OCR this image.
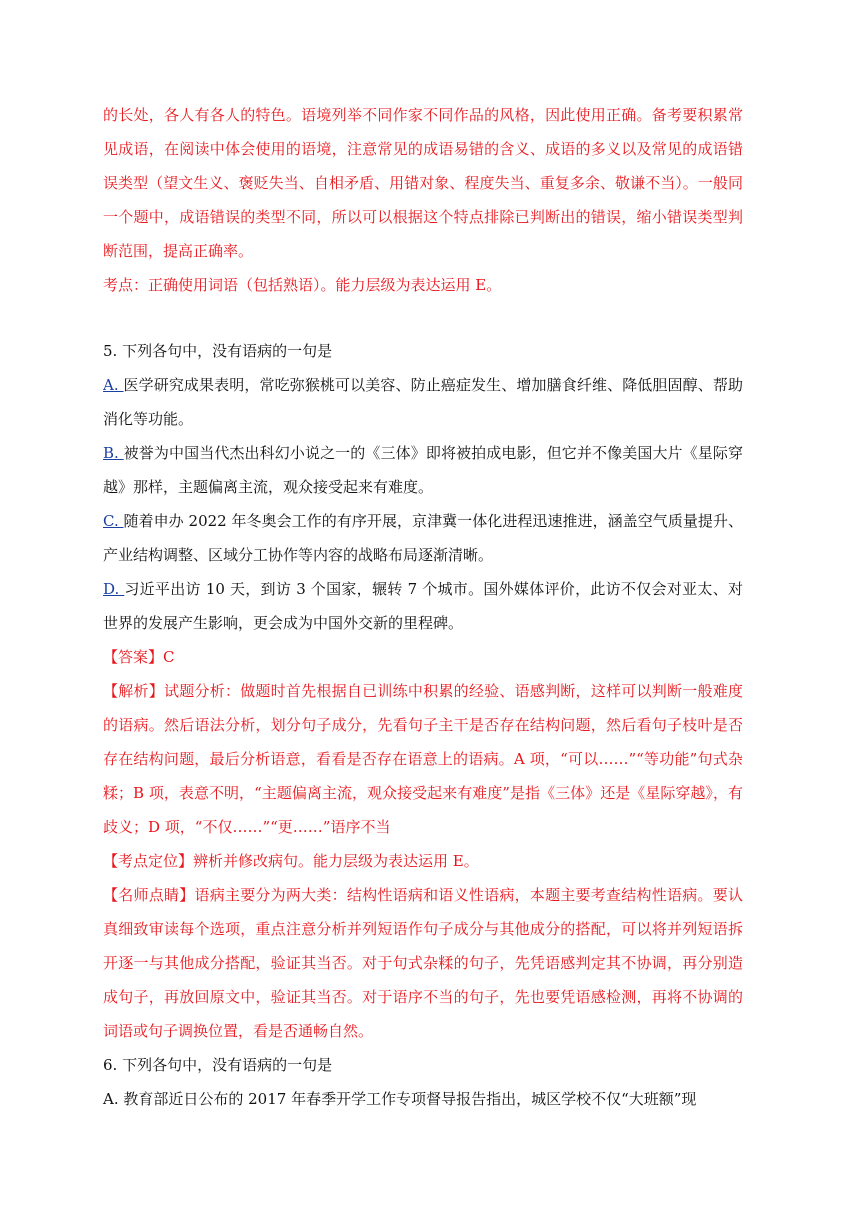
的长处，各人有各人的特色。语境列举不同作家不同作品的风格，因此使用正确。备考要积累常见成语，在阅读中体会使用的语境，注意常见的成语易错的含义、成语的多义以及常见的成语错误类型（望文生义、褒贬失当、自相矛盾、用错对象、程度失当、重复多余、敬谦不当）。一般同一个题中，成语错误的类型不同，所以可以根据这个特点排除已判断出的错误，缩小错误类型判断范围，提高正确率。

考点：正确使用词语（包括熟语）。能力层级为表达运用 E。

5. 下列各句中，没有语病的一句是

A. 医学研究成果表明，常吃弥猴桃可以美容、防止癌症发生、增加膳食纤维、降低胆固醇、帮助消化等功能。

B. 被誉为中国当代杰出科幻小说之一的《三体》即将被拍成电影，但它并不像美国大片《星际穿越》那样，主题偏离主流，观众接受起来有难度。

C. 随着申办 2022 年冬奥会工作的有序开展，京津冀一体化进程迅速推进，涵盖空气质量提升、产业结构调整、区域分工协作等内容的战略布局逐渐清晰。

D. 习近平出访 10 天，到访 3 个国家，辗转 7 个城市。国外媒体评价，此访不仅会对亚太、对世界的发展产生影响，更会成为中国外交新的里程碑。

【答案】C

【解析】试题分析：做题时首先根据自已训练中积累的经验、语感判断，这样可以判断一般难度的语病。然后语法分析，划分句子成分，先看句子主干是否存在结构问题，然后看句子枝叶是否存在结构问题，最后分析语意，看看是否存在语意上的语病。A 项，“可以……”“等功能”句式杂糅；B 项，表意不明，“主题偏离主流，观众接受起来有难度”是指《三体》还是《星际穿越》，有歧义；D 项，“不仅……”“更……”语序不当

【考点定位】辨析并修改病句。能力层级为表达运用 E。

【名师点睛】语病主要分为两大类：结构性语病和语义性语病，本题主要考查结构性语病。要认真细致审读每个选项，重点注意分析并列短语作句子成分与其他成分的搭配，可以将并列短语拆开逐一与其他成分搭配，验证其当否。对于句式杂糅的句子，先凭语感判定其不协调，再分别造成句子，再放回原文中，验证其当否。对于语序不当的句子，先也要凭语感检测，再将不协调的词语或句子调换位置，看是否通畅自然。

6. 下列各句中，没有语病的一句是

A. 教育部近日公布的 2017 年春季开学工作专项督导报告指出，城区学校不仅“大班额”现
